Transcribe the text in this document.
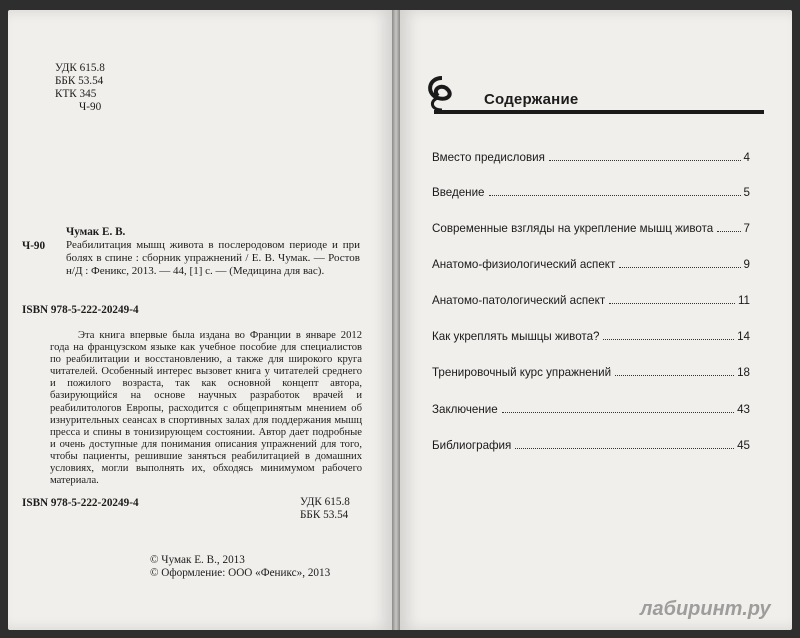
УДК 615.8
ББК 53.54
КТК 345
Ч-90
Чумак Е. В.
Ч-90 Реабилитация мышц живота в послеродовом периоде и при болях в спине : сборник упражнений / Е. В. Чумак. — Ростов н/Д : Феникс, 2013. — 44, [1] с. — (Медицина для вас).
ISBN 978-5-222-20249-4

Эта книга впервые была издана во Франции в январе 2012 года на французском языке как учебное пособие для специалистов по реабилитации и восстановлению, а также для широкого круга читателей. Особенный интерес вызовет книга у читателей среднего и пожилого возраста, так как основной концепт автора, базирующийся на основе научных разработок врачей и реабилитологов Европы, расходится с общепринятым мнением об изнурительных сеансах в спортивных залах для поддержания мышц пресса и спины в тонизирующем состоянии. Автор дает подробные и очень доступные для понимания описания упражнений для того, чтобы пациенты, решившие заняться реабилитацией в домашних условиях, могли выполнять их, обходясь минимумом рабочего материала.

ISBN 978-5-222-20249-4	УДК 615.8
ББК 53.54
© Чумак Е. В., 2013
© Оформление: ООО «Феникс», 2013
Содержание
Вместо предисловия	4
Введение	5
Современные взгляды на укрепление мышц живота	7
Анатомо-физиологический аспект	9
Анатомо-патологический аспект	11
Как укреплять мышцы живота?	14
Тренировочный курс упражнений	18
Заключение	43
Библиография	45
лабиринт.ру
